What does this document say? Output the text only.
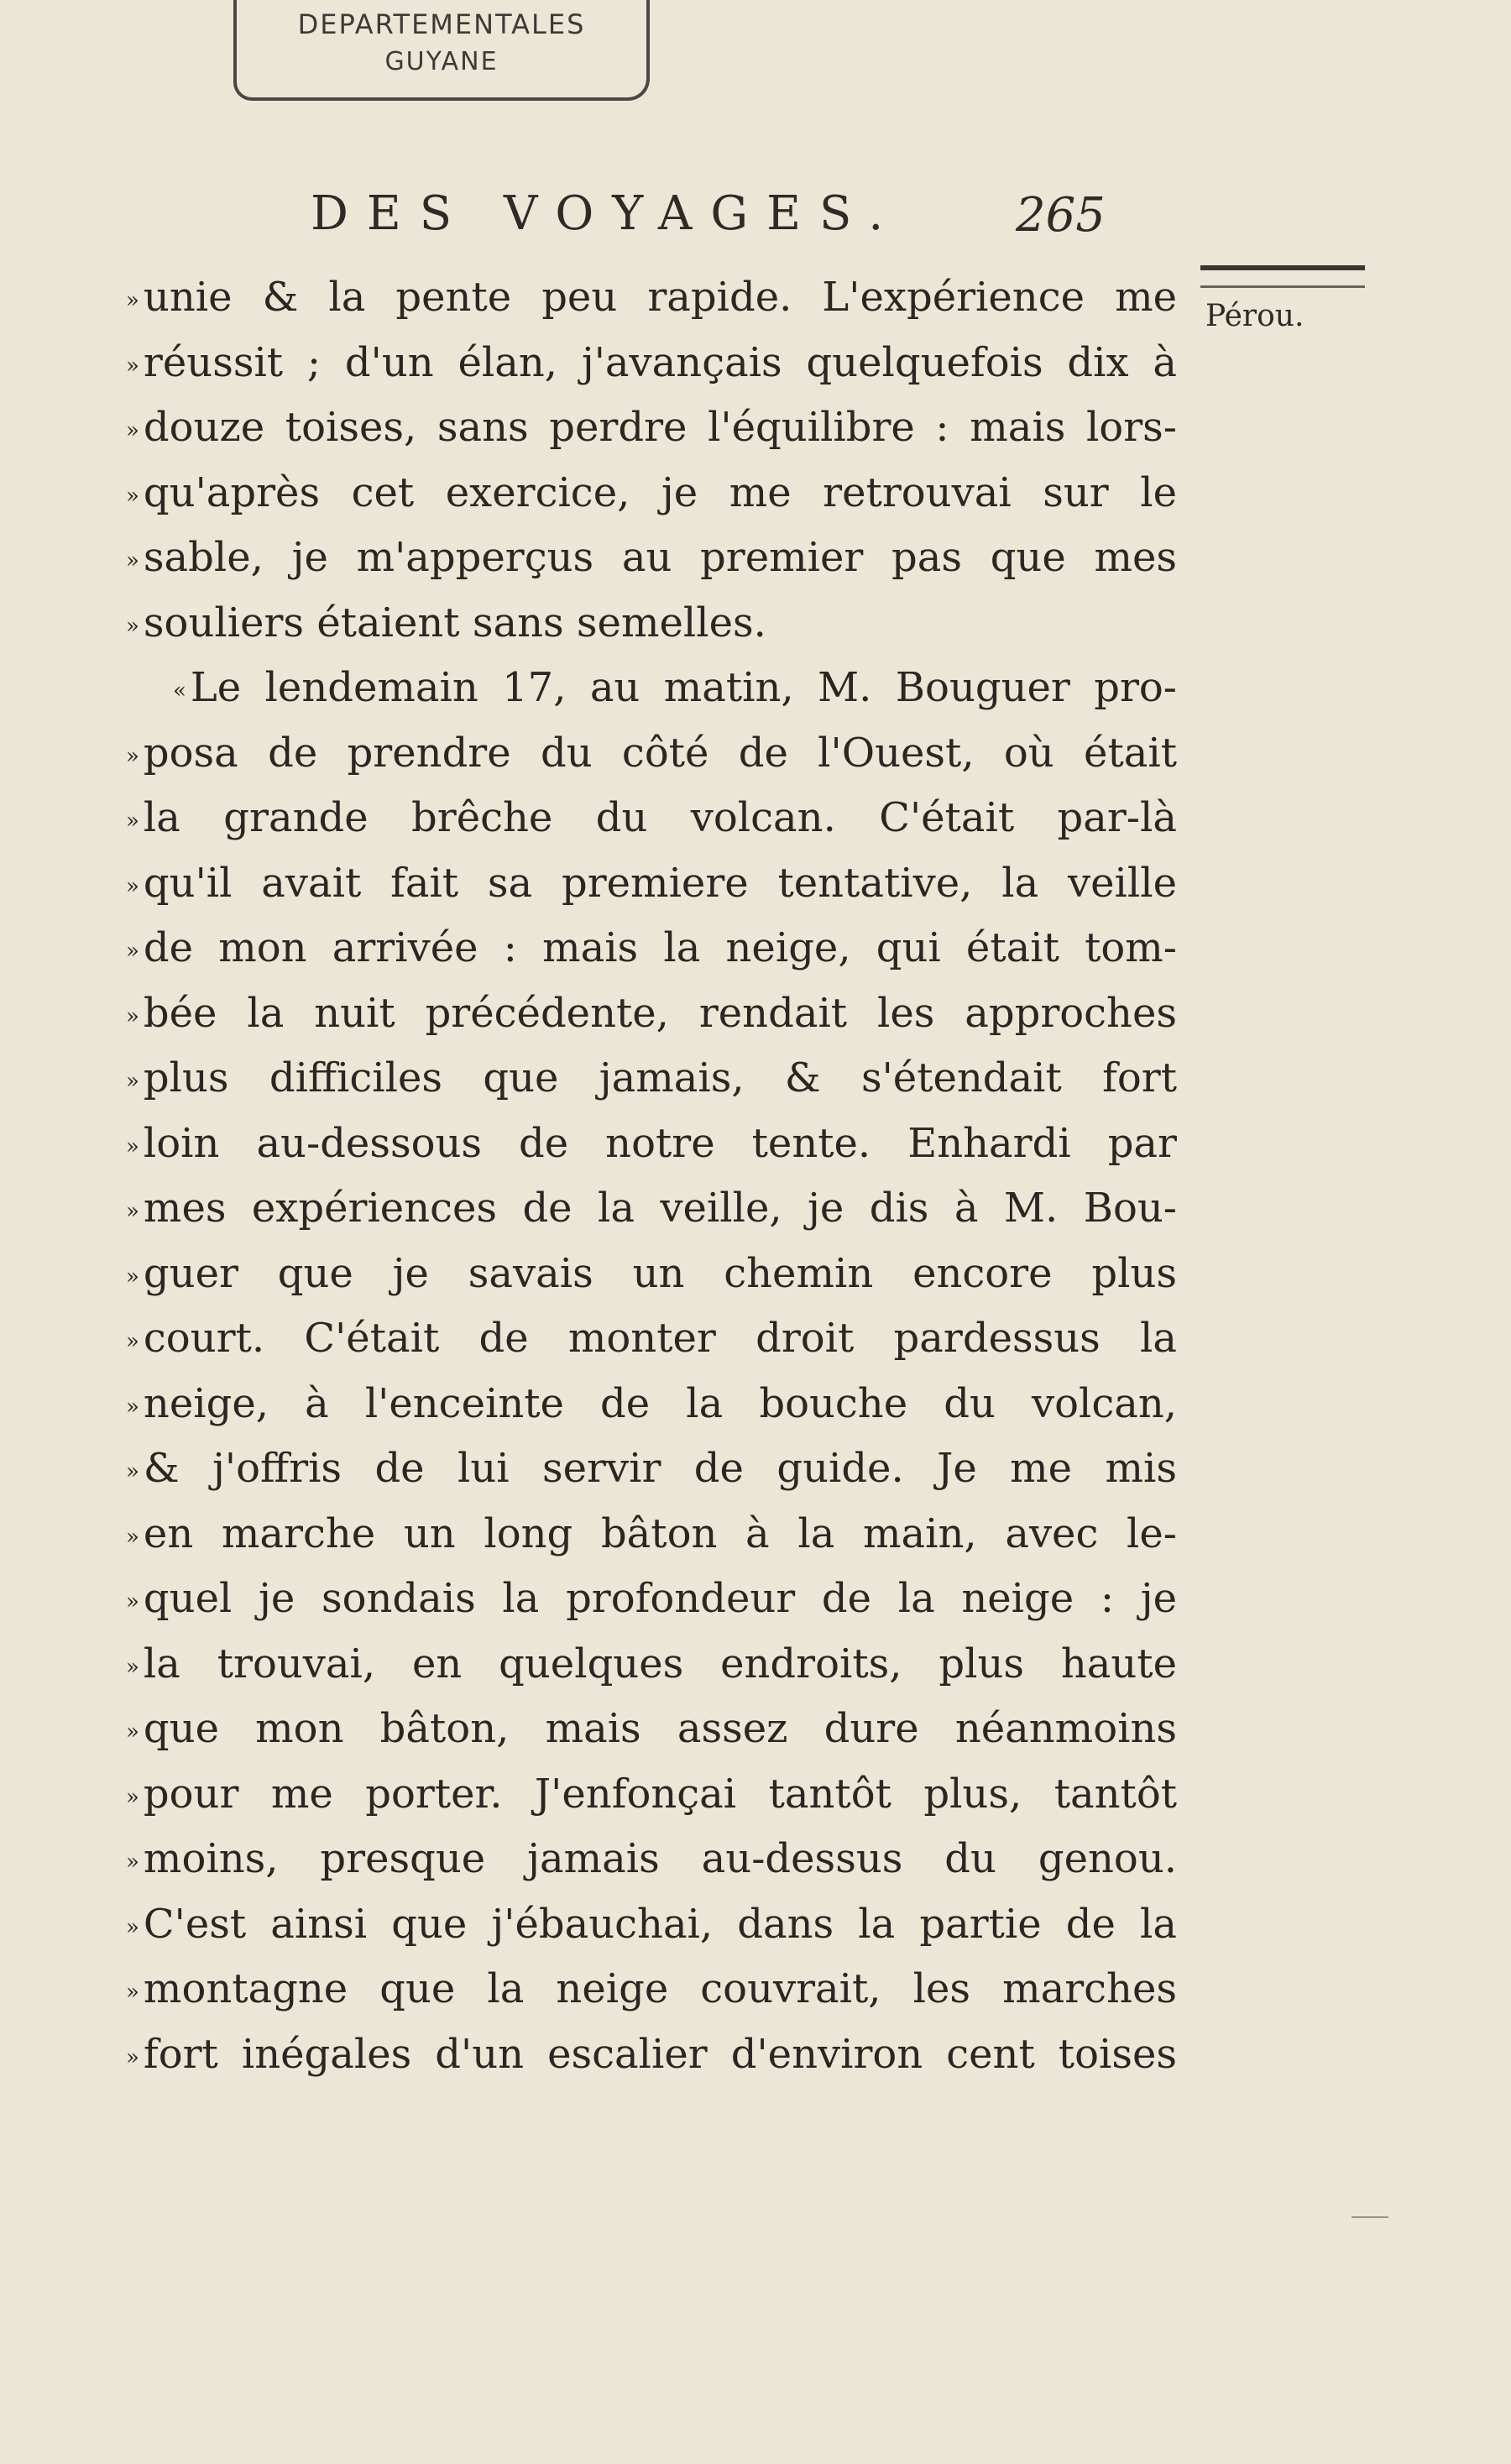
DEPARTEMENTALES
GUYANE
DES VOYAGES. 265
Pérou.
» unie & la pente peu rapide. L'expérience me
» réussit ; d'un élan, j'avançais quelquefois dix à
» douze toises, sans perdre l'équilibre : mais lors-
» qu'après cet exercice, je me retrouvai sur le
» sable, je m'apperçus au premier pas que mes
» souliers étaient sans semelles.
« Le lendemain 17, au matin, M. Bouguer pro-
» posa de prendre du côté de l'Ouest, où était
» la grande brêche du volcan. C'était par-là
» qu'il avait fait sa premiere tentative, la veille
» de mon arrivée : mais la neige, qui était tom-
» bée la nuit précédente, rendait les approches
» plus difficiles que jamais, & s'étendait fort
» loin au-dessous de notre tente. Enhardi par
» mes expériences de la veille, je dis à M. Bou-
» guer que je savais un chemin encore plus
» court. C'était de monter droit pardessus la
» neige, à l'enceinte de la bouche du volcan,
» & j'offris de lui servir de guide. Je me mis
» en marche un long bâton à la main, avec le-
» quel je sondais la profondeur de la neige : je
» la trouvai, en quelques endroits, plus haute
» que mon bâton, mais assez dure néanmoins
» pour me porter. J'enfonçai tantôt plus, tantôt
» moins, presque jamais au-dessus du genou.
» C'est ainsi que j'ébauchai, dans la partie de la
» montagne que la neige couvrait, les marches
» fort inégales d'un escalier d'environ cent toises
